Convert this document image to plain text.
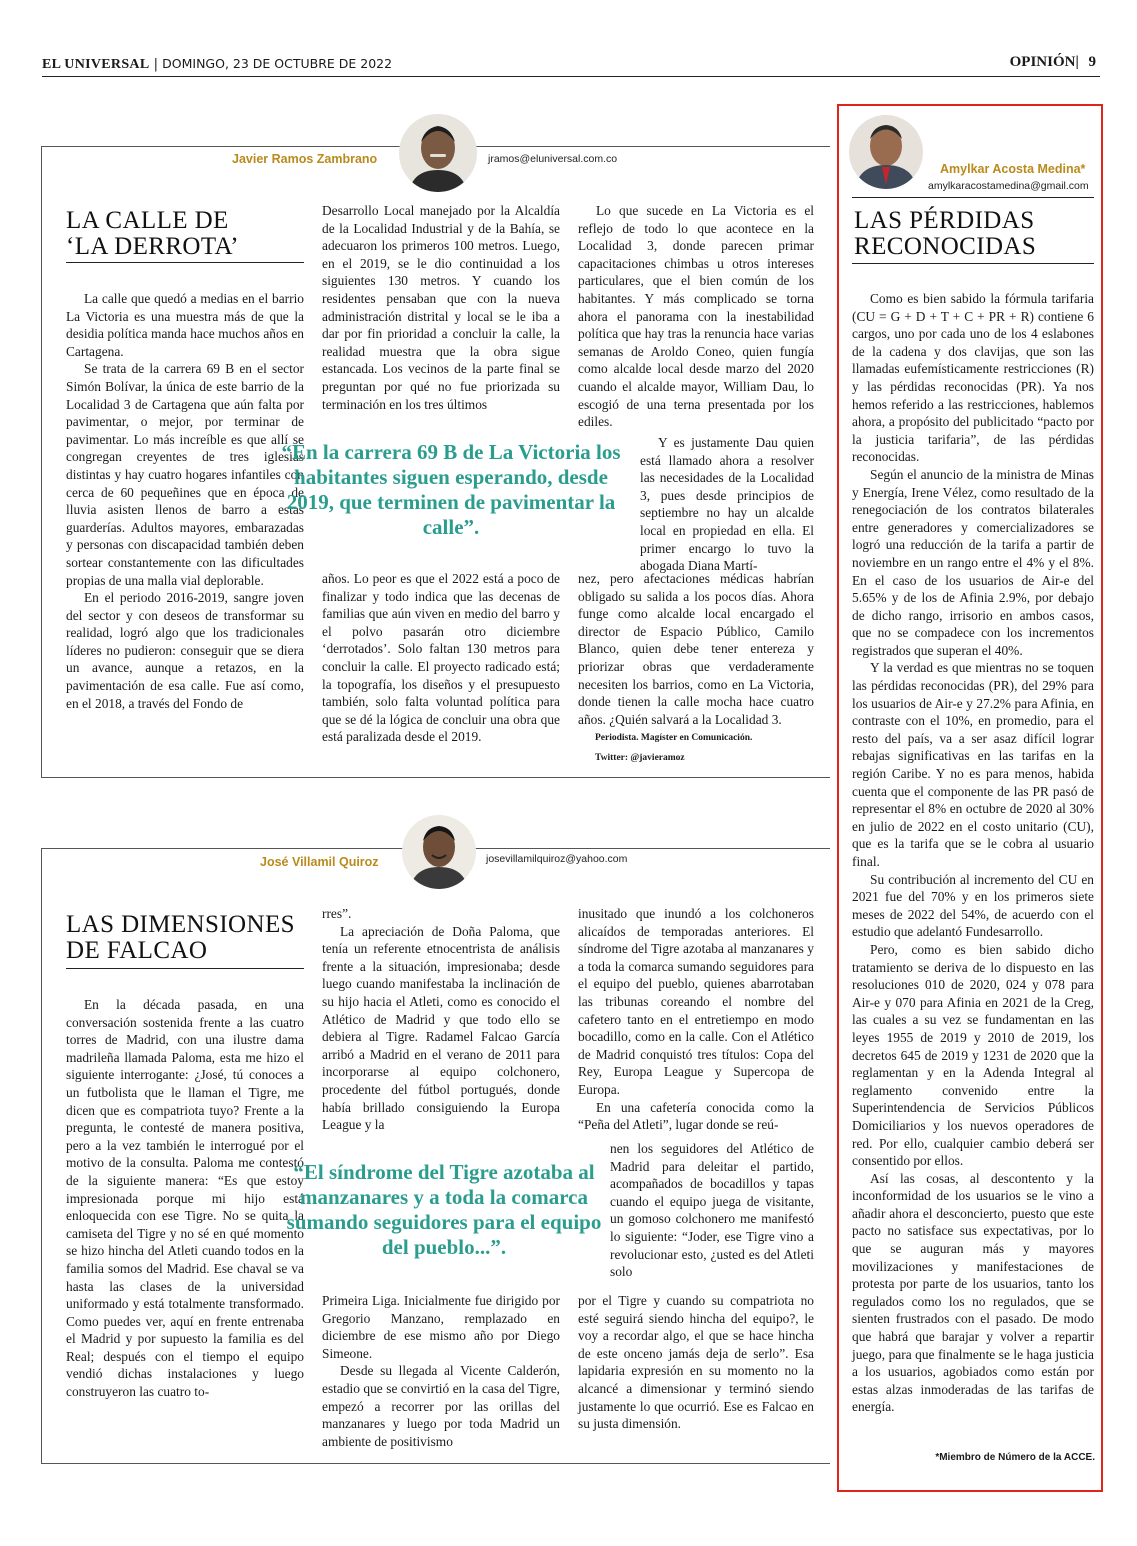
EL UNIVERSAL | DOMINGO, 23 DE OCTUBRE DE 2022	OPINIÓN| 9
Javier Ramos Zambrano	jramos@eluniversal.com.co
LA CALLE DE
‘LA DERROTA’

La calle que quedó a medias en el barrio La Victoria es una muestra más de que la desidia política manda hace muchos años en Cartagena.

Se trata de la carrera 69 B en el sector Simón Bolívar, la única de este barrio de la Localidad 3 de Cartagena que aún falta por pavimentar, o mejor, por terminar de pavimentar. Lo más increíble es que allí se congregan creyentes de tres iglesias distintas y hay cuatro hogares infantiles con cerca de 60 pequeñines que en época de lluvia asisten llenos de barro a estas guarderías. Adultos mayores, embarazadas y personas con discapacidad también deben sortear constantemente con las dificultades propias de una malla vial deplorable.

En el periodo 2016-2019, sangre joven del sector y con deseos de transformar su realidad, logró algo que los tradicionales líderes no pudieron: conseguir que se diera un avance, aunque a retazos, en la pavimentación de esa calle. Fue así como, en el 2018, a través del Fondo de

Desarrollo Local manejado por la Alcaldía de la Localidad Industrial y de la Bahía, se adecuaron los primeros 100 metros. Luego, en el 2019, se le dio continuidad a los siguientes 130 metros. Y cuando los residentes pensaban que con la nueva administración distrital y local se le iba a dar por fin prioridad a concluir la calle, la realidad muestra que la obra sigue estancada. Los vecinos de la parte final se preguntan por qué no fue priorizada su terminación en los tres últimos

Lo que sucede en La Victoria es el reflejo de todo lo que acontece en la Localidad 3, donde parecen primar capacitaciones chimbas u otros intereses particulares, que el bien común de los habitantes. Y más complicado se torna ahora el panorama con la inestabilidad política que hay tras la renuncia hace varias semanas de Aroldo Coneo, quien fungía como alcalde local desde marzo del 2020 cuando el alcalde mayor, William Dau, lo escogió de una terna presentada por los ediles.

Y es justamente Dau quien está llamado ahora a resolver las necesidades de la Localidad 3, pues desde principios de septiembre no hay un alcalde local en propiedad en ella. El primer encargo lo tuvo la abogada Diana Martí-

“En la carrera 69 B de La Victoria los habitantes siguen esperando, desde 2019, que terminen de pavimentar la calle”.

años. Lo peor es que el 2022 está a poco de finalizar y todo indica que las decenas de familias que aún viven en medio del barro y el polvo pasarán otro diciembre ‘derrotados’. Solo faltan 130 metros para concluir la calle. El proyecto radicado está; la topografía, los diseños y el presupuesto también, solo falta voluntad política para que se dé la lógica de concluir una obra que está paralizada desde el 2019.

nez, pero afectaciones médicas habrían obligado su salida a los pocos días. Ahora funge como alcalde local encargado el director de Espacio Público, Camilo Blanco, quien debe tener entereza y priorizar obras que verdaderamente necesiten los barrios, como en La Victoria, donde tienen la calle mocha hace cuatro años. ¿Quién salvará a la Localidad 3.

Periodista. Magíster en Comunicación.
Twitter: @javieramoz
José Villamil Quiroz	josevillamilquiroz@yahoo.com
LAS DIMENSIONES
DE FALCAO

En la década pasada, en una conversación sostenida frente a las cuatro torres de Madrid, con una ilustre dama madrileña llamada Paloma, esta me hizo el siguiente interrogante: ¿José, tú conoces a un futbolista que le llaman el Tigre, me dicen que es compatriota tuyo? Frente a la pregunta, le contesté de manera positiva, pero a la vez también le interrogué por el motivo de la consulta. Paloma me contestó de la siguiente manera: “Es que estoy impresionada porque mi hijo está enloquecida con ese Tigre. No se quita la camiseta del Tigre y no sé en qué momento se hizo hincha del Atleti cuando todos en la familia somos del Madrid. Ese chaval se va hasta las clases de la universidad uniformado y está totalmente transformado. Como puedes ver, aquí en frente entrenaba el Madrid y por supuesto la familia es del Real; después con el tiempo el equipo vendió dichas instalaciones y luego construyeron las cuatro to-

rres”.

La apreciación de Doña Paloma, que tenía un referente etnocentrista de análisis frente a la situación, impresionaba; desde luego cuando manifestaba la inclinación de su hijo hacia el Atleti, como es conocido el Atlético de Madrid y que todo ello se debiera al Tigre. Radamel Falcao García arribó a Madrid en el verano de 2011 para incorporarse al equipo colchonero, procedente del fútbol portugués, donde había brillado consiguiendo la Europa League y la

inusitado que inundó a los colchoneros alicaídos de temporadas anteriores. El síndrome del Tigre azotaba al manzanares y a toda la comarca sumando seguidores para el equipo del pueblo, quienes abarrotaban las tribunas coreando el nombre del cafetero tanto en el entretiempo en modo bocadillo, como en la calle. Con el Atlético de Madrid conquistó tres títulos: Copa del Rey, Europa League y Supercopa de Europa.

En una cafetería conocida como la “Peña del Atleti”, lugar donde se reú-

nen los seguidores del Atlético de Madrid para deleitar el partido, acompañados de bocadillos y tapas cuando el equipo juega de visitante, un gomoso colchonero me manifestó lo siguiente: “Joder, ese Tigre vino a revolucionar esto, ¿usted es del Atleti solo

“El síndrome del Tigre azotaba al manzanares y a toda la comarca sumando seguidores para el equipo del pueblo...”.

Primeira Liga. Inicialmente fue dirigido por Gregorio Manzano, remplazado en diciembre de ese mismo año por Diego Simeone.

Desde su llegada al Vicente Calderón, estadio que se convirtió en la casa del Tigre, empezó a recorrer por las orillas del manzanares y luego por toda Madrid un ambiente de positivismo

por el Tigre y cuando su compatriota no esté seguirá siendo hincha del equipo?, le voy a recordar algo, el que se hace hincha de este onceno jamás deja de serlo”. Esa lapidaria expresión en su momento no la alcancé a dimensionar y terminó siendo justamente lo que ocurrió. Ese es Falcao en su justa dimensión.

Amylkar Acosta Medina*
amylkaracostamedina@gmail.com
LAS PÉRDIDAS
RECONOCIDAS

Como es bien sabido la fórmula tarifaria (CU = G + D + T + C + PR + R) contiene 6 cargos, uno por cada uno de los 4 eslabones de la cadena y dos clavijas, que son las llamadas eufemísticamente restricciones (R) y las pérdidas reconocidas (PR). Ya nos hemos referido a las restricciones, hablemos ahora, a propósito del publicitado “pacto por la justicia tarifaria”, de las pérdidas reconocidas.

Según el anuncio de la ministra de Minas y Energía, Irene Vélez, como resultado de la renegociación de los contratos bilaterales entre generadores y comercializadores se logró una reducción de la tarifa a partir de noviembre en un rango entre el 4% y el 8%. En el caso de los usuarios de Air-e del 5.65% y de los de Afinia 2.9%, por debajo de dicho rango, irrisorio en ambos casos, que no se compadece con los incrementos registrados que superan el 40%.

Y la verdad es que mientras no se toquen las pérdidas reconocidas (PR), del 29% para los usuarios de Air-e y 27.2% para Afinia, en contraste con el 10%, en promedio, para el resto del país, va a ser asaz difícil lograr rebajas significativas en las tarifas en la región Caribe. Y no es para menos, habida cuenta que el componente de las PR pasó de representar el 8% en octubre de 2020 al 30% en julio de 2022 en el costo unitario (CU), que es la tarifa que se le cobra al usuario final.

Su contribución al incremento del CU en 2021 fue del 70% y en los primeros siete meses de 2022 del 54%, de acuerdo con el estudio que adelantó Fundesarrollo.

Pero, como es bien sabido dicho tratamiento se deriva de lo dispuesto en las resoluciones 010 de 2020, 024 y 078 para Air-e y 070 para Afinia en 2021 de la Creg, las cuales a su vez se fundamentan en las leyes 1955 de 2019 y 2010 de 2019, los decretos 645 de 2019 y 1231 de 2020 que la reglamentan y en la Adenda Integral al reglamento convenido entre la Superintendencia de Servicios Públicos Domiciliarios y los nuevos operadores de red. Por ello, cualquier cambio deberá ser consentido por ellos.

Así las cosas, al descontento y la inconformidad de los usuarios se le vino a añadir ahora el desconcierto, puesto que este pacto no satisface sus expectativas, por lo que se auguran más y mayores movilizaciones y manifestaciones de protesta por parte de los usuarios, tanto los regulados como los no regulados, que se sienten frustrados con el pasado. De modo que habrá que barajar y volver a repartir juego, para que finalmente se le haga justicia a los usuarios, agobiados como están por estas alzas inmoderadas de las tarifas de energía.

*Miembro de Número de la ACCE.
